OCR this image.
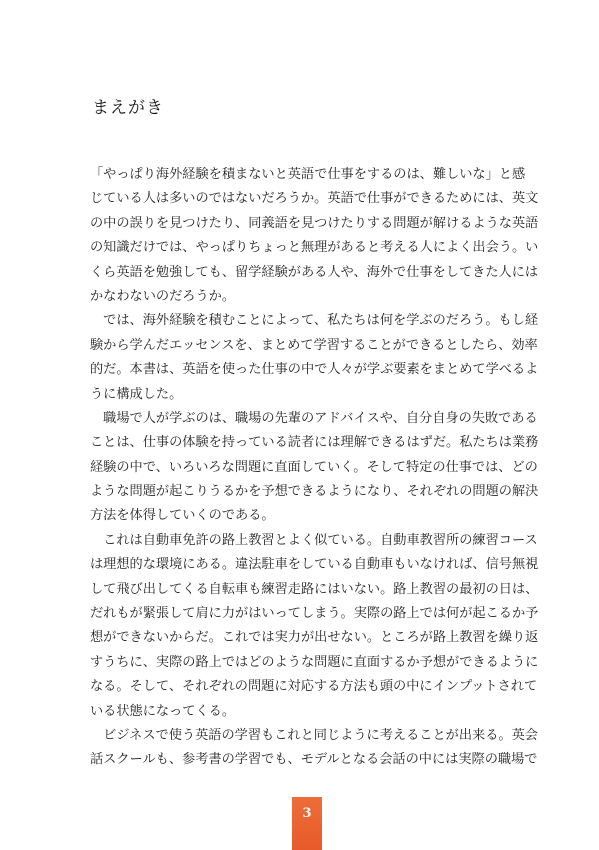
まえがき
「やっぱり海外経験を積まないと英語で仕事をするのは、難しいな」と感
じている人は多いのではないだろうか。英語で仕事ができるためには、英文
の中の誤りを見つけたり、同義語を見つけたりする問題が解けるような英語
の知識だけでは、やっぱりちょっと無理があると考える人によく出会う。い
くら英語を勉強しても、留学経験がある人や、海外で仕事をしてきた人には
かなわないのだろうか。
　では、海外経験を積むことによって、私たちは何を学ぶのだろう。もし経
験から学んだエッセンスを、まとめて学習することができるとしたら、効率
的だ。本書は、英語を使った仕事の中で人々が学ぶ要素をまとめて学べるよ
うに構成した。
　職場で人が学ぶのは、職場の先輩のアドバイスや、自分自身の失敗である
ことは、仕事の体験を持っている読者には理解できるはずだ。私たちは業務
経験の中で、いろいろな問題に直面していく。そして特定の仕事では、どの
ような問題が起こりうるかを予想できるようになり、それぞれの問題の解決
方法を体得していくのである。
　これは自動車免許の路上教習とよく似ている。自動車教習所の練習コース
は理想的な環境にある。違法駐車をしている自動車もいなければ、信号無視
して飛び出してくる自転車も練習走路にはいない。路上教習の最初の日は、
だれもが緊張して肩に力がはいってしまう。実際の路上では何が起こるか予
想ができないからだ。これでは実力が出せない。ところが路上教習を繰り返
すうちに、実際の路上ではどのような問題に直面するか予想ができるように
なる。そして、それぞれの問題に対応する方法も頭の中にインプットされて
いる状態になってくる。
　ビジネスで使う英語の学習もこれと同じように考えることが出来る。英会
話スクールも、参考書の学習でも、モデルとなる会話の中には実際の職場で
3
